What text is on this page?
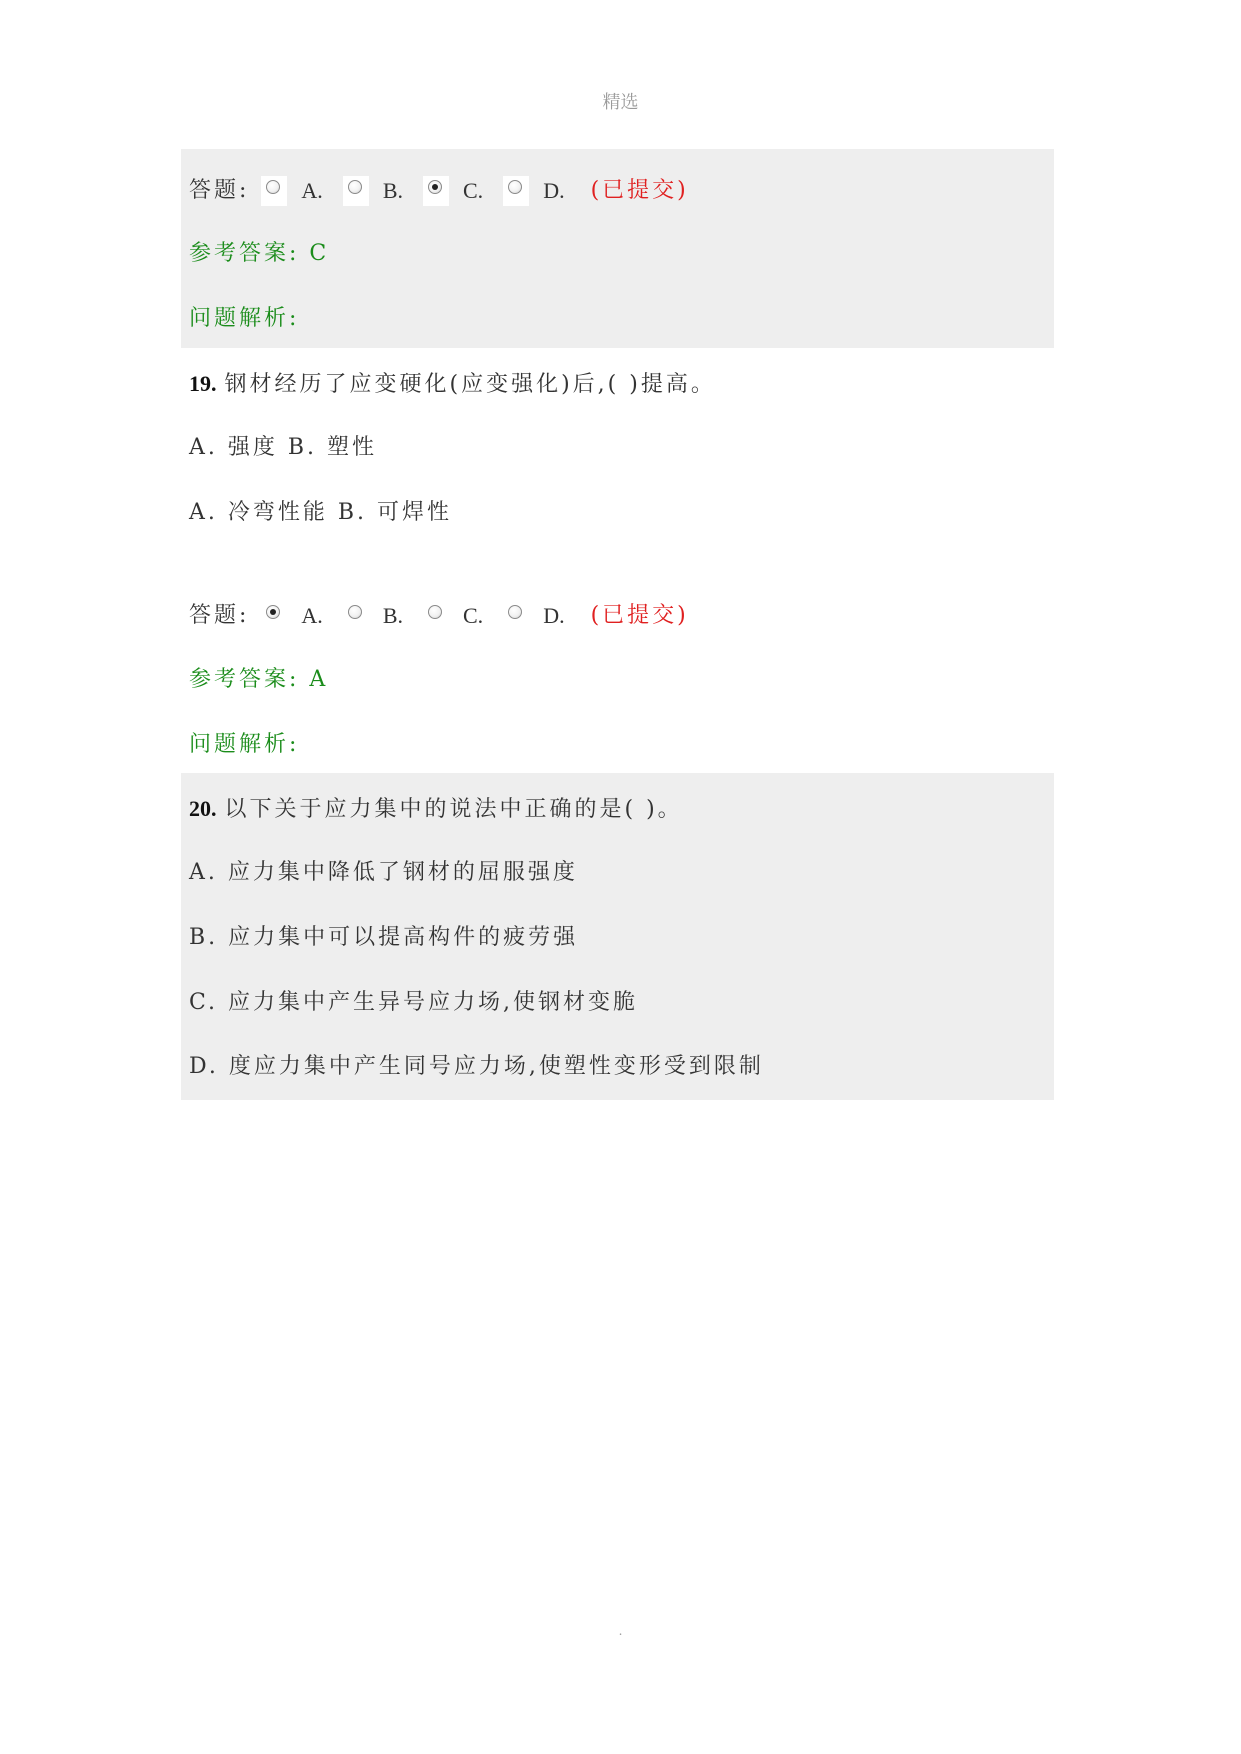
精选
答题: A.	B.	C.	D. (已提交)
参考答案: C
问题解析:
19. 钢材经历了应变硬化(应变强化)后,( )提高。
A. 强度 B. 塑性
A. 冷弯性能 B. 可焊性
答题: A.	B.	C.	D. (已提交)
参考答案: A
问题解析:
20. 以下关于应力集中的说法中正确的是( )。
A. 应力集中降低了钢材的屈服强度
B. 应力集中可以提高构件的疲劳强
C. 应力集中产生异号应力场,使钢材变脆
D. 度应力集中产生同号应力场,使塑性变形受到限制
.
